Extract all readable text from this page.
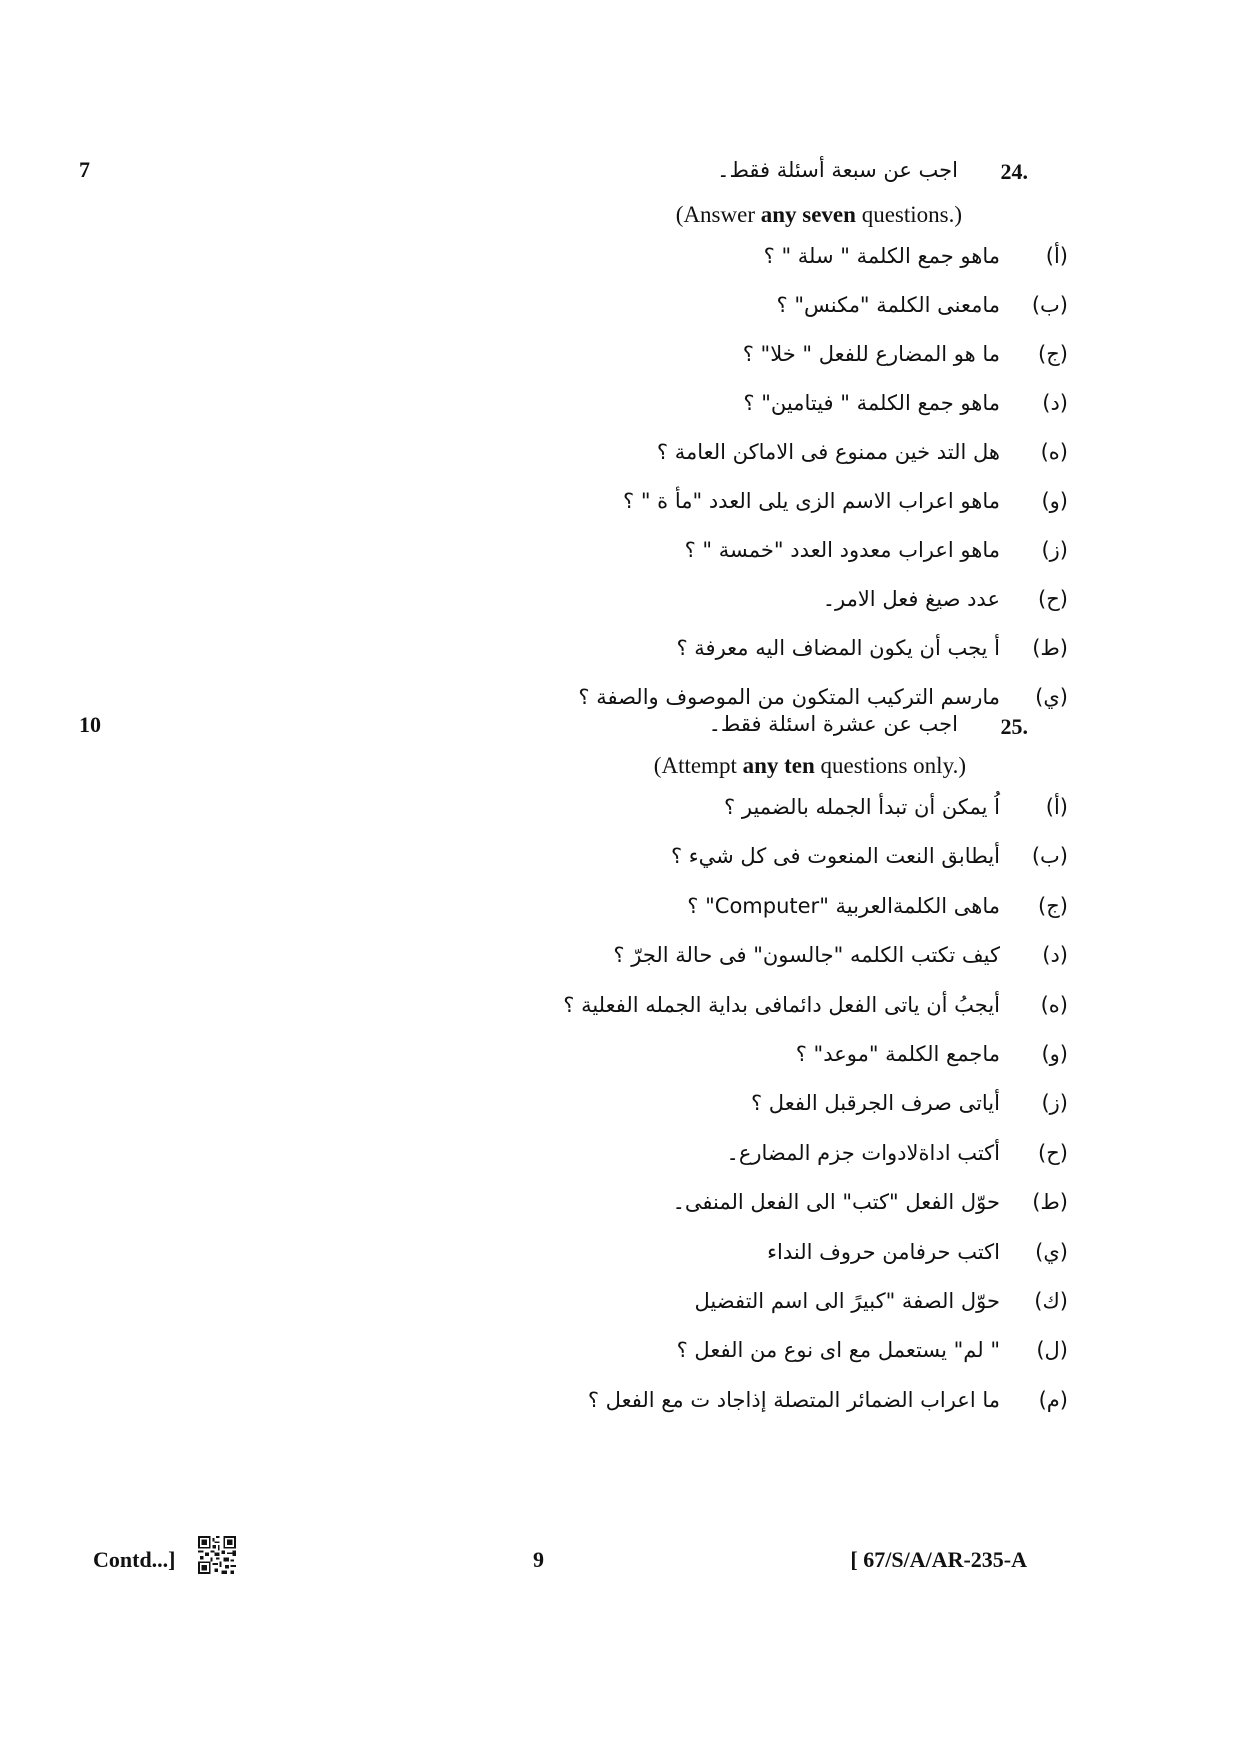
7	24.
اجب عن سبعة أسئلة فقط۔
(Answer any seven questions.)
(أ)
ماهو جمع الكلمة " سلة " ؟
(ب)
مامعنى الكلمة "مكنس" ؟
(ج)
ما هو المضارع للفعل " خلا" ؟
(د)
ماهو جمع الكلمة " فيتامين" ؟
(ه)
هل التد خين ممنوع فى الاماكن العامة ؟
(و)
ماهو اعراب الاسم الزى يلى العدد "مأ ة " ؟
(ز)
ماهو اعراب معدود العدد "خمسة " ؟
(ح)
عدد صيغ فعل الامر۔
(ط)
أ يجب أن يكون المضاف اليه معرفة ؟
(ي)
مارسم التركيب المتكون من الموصوف والصفة ؟
10	25.
اجب عن عشرة اسئلة فقط۔
(Attempt any ten questions only.)
(أ)
اُ يمكن أن تبدأ الجمله بالضمير ؟
(ب)
أيطابق النعت المنعوت فى كل شيء ؟
(ج)
ماهى الكلمةالعربية "Computer" ؟
(د)
كيف تكتب الكلمه "جالسون" فى حالة الجرّ ؟
(ه)
أيجبُ أن ياتى الفعل دائمافى بداية الجمله الفعلية ؟
(و)
ماجمع الكلمة "موعد" ؟
(ز)
أياتى صرف الجرقبل الفعل ؟
(ح)
أكتب اداةلادوات جزم المضارع۔
(ط)
حوّل الفعل "كتب" الى الفعل المنفى۔
(ي)
اكتب حرفامن حروف النداء
(ك)
حوّل الصفة "كبيرً الى اسم التفضيل
(ل)
" لم" يستعمل مع اى نوع من الفعل ؟
(م)
ما اعراب الضمائر المتصلة إذاجاد ت مع الفعل ؟
Contd...]	9	[ 67/S/A/AR-235-A
